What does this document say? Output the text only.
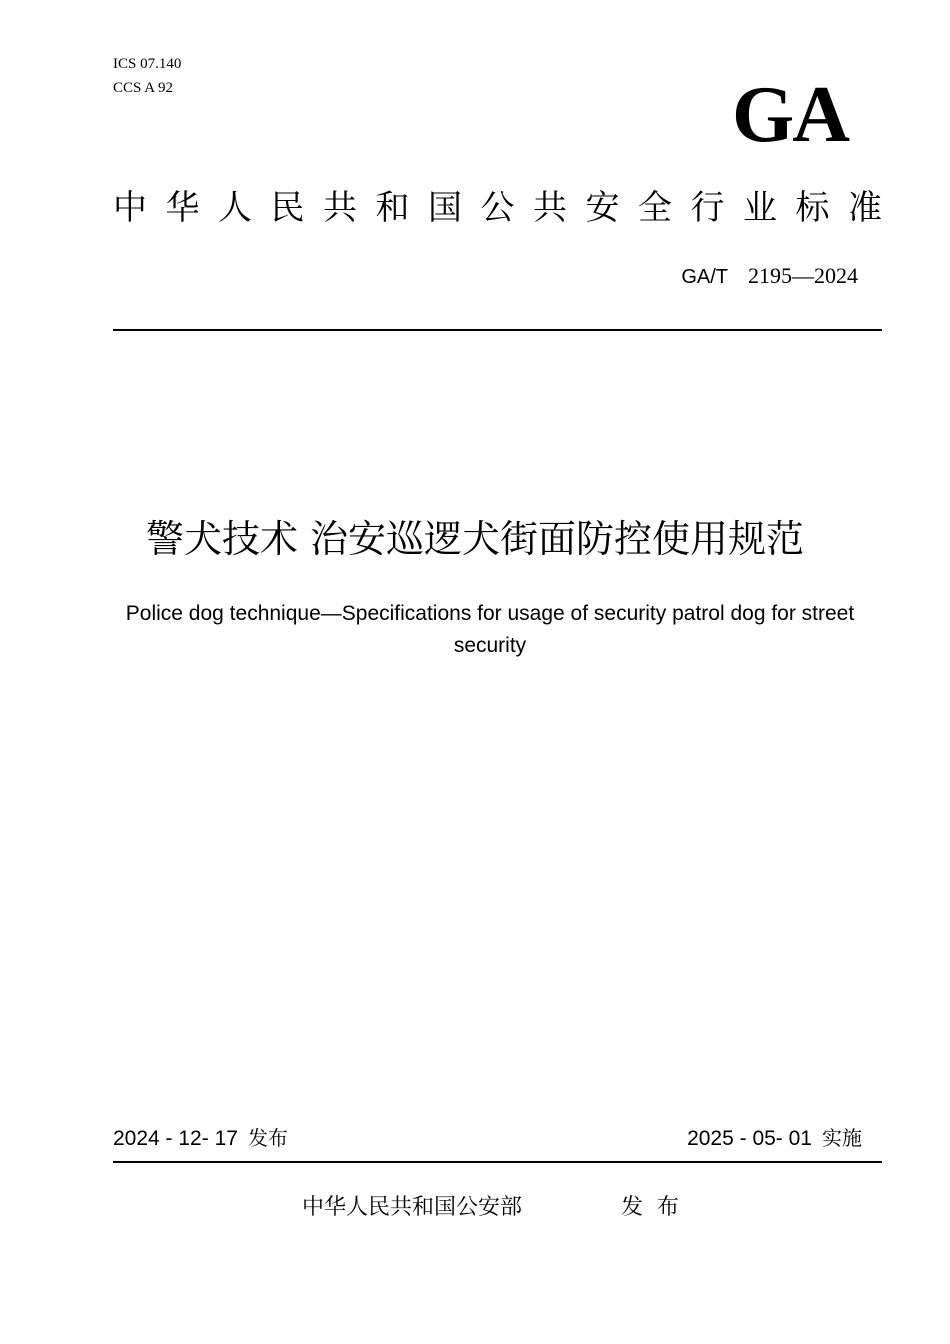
ICS 07.140
CCS A 92	GA
中 华 人 民 共 和 国 公 共 安 全 行 业 标 准
GA/T 2195—2024
警犬技术 治安巡逻犬街面防控使用规范
Police dog technique—Specifications for usage of security patrol dog for street security
2024 - 12- 17 发布	2025 - 05- 01 实施
中华人民共和国公安部	发布
